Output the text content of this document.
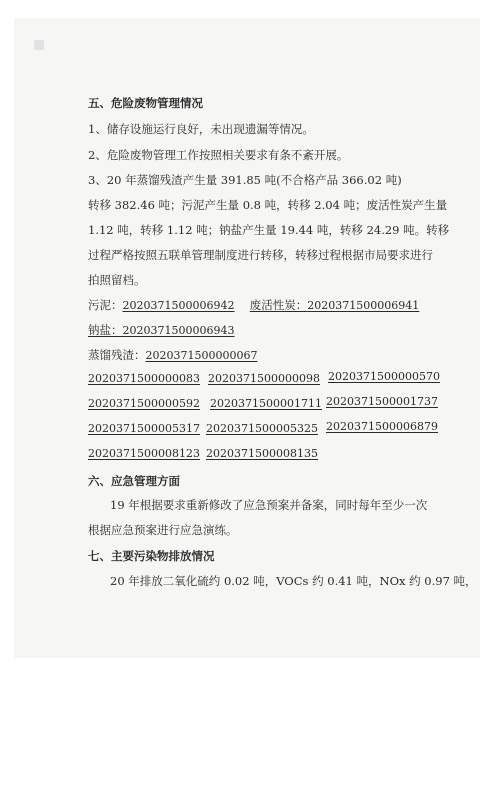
五、危险废物管理情况
1、储存设施运行良好，未出现遗漏等情况。
2、危险废物管理工作按照相关要求有条不紊开展。
3、20 年蒸馏残渣产生量 391.85 吨(不合格产品 366.02 吨)
转移 382.46 吨；污泥产生量 0.8 吨，转移 2.04 吨；废活性炭产生量
1.12 吨，转移 1.12 吨；钠盐产生量 19.44 吨，转移 24.29 吨。转移
过程严格按照五联单管理制度进行转移，转移过程根据市局要求进行
拍照留档。
污泥：2020371500006942 废活性炭：2020371500006941
钠盐：2020371500006943
蒸馏残渣：2020371500000067
2020371500000083 2020371500000098 2020371500000570
2020371500000592 2020371500001711 2020371500001737
2020371500005317 2020371500005325 2020371500006879
2020371500008123 2020371500008135
六、应急管理方面
19 年根据要求重新修改了应急预案并备案，同时每年至少一次
根据应急预案进行应急演练。
七、主要污染物排放情况
20 年排放二氧化硫约 0.02 吨，VOCs 约 0.41 吨，NOx 约 0.97 吨，
